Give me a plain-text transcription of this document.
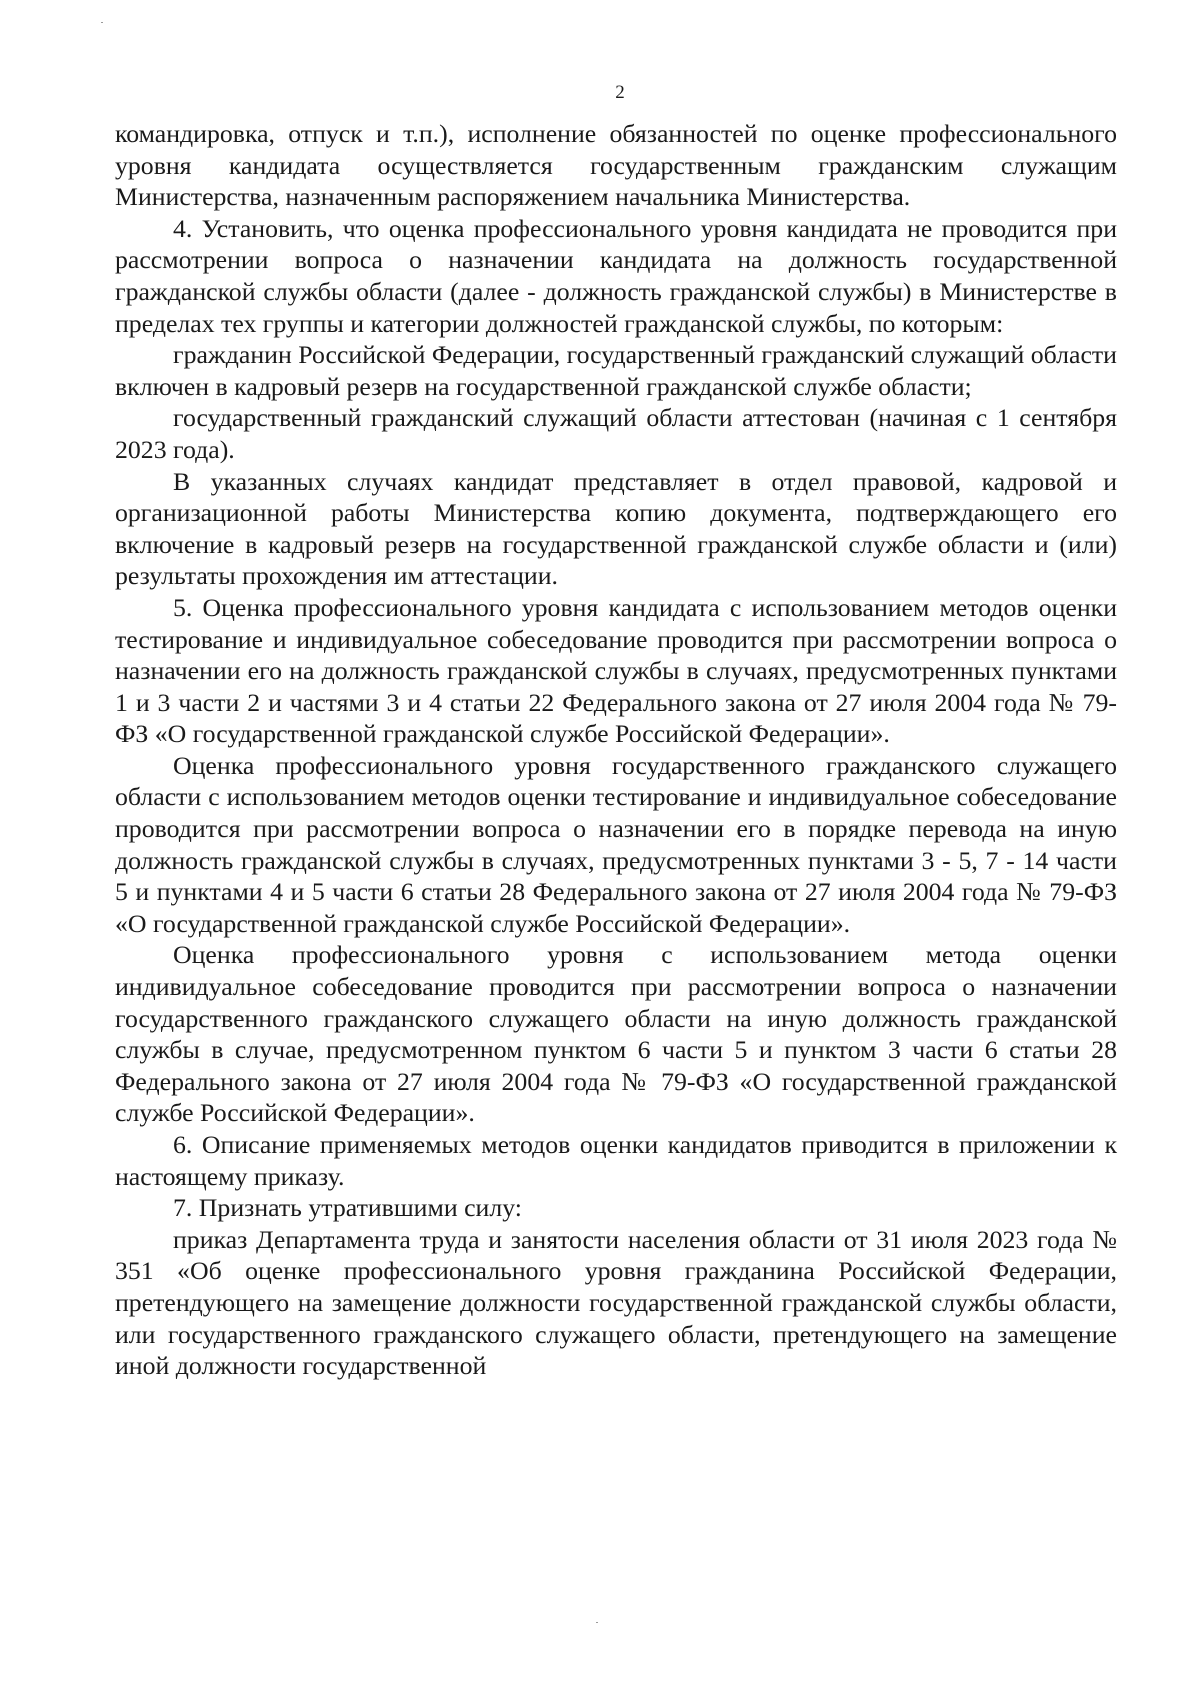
2

командировка, отпуск и т.п.), исполнение обязанностей по оценке профессионального уровня кандидата осуществляется государственным гражданским служащим Министерства, назначенным распоряжением начальника Министерства.

4. Установить, что оценка профессионального уровня кандидата не проводится при рассмотрении вопроса о назначении кандидата на должность государственной гражданской службы области (далее - должность гражданской службы) в Министерстве в пределах тех группы и категории должностей гражданской службы, по которым:

гражданин Российской Федерации, государственный гражданский служащий области включен в кадровый резерв на государственной гражданской службе области;

государственный гражданский служащий области аттестован (начиная с 1 сентября 2023 года).

В указанных случаях кандидат представляет в отдел правовой, кадровой и организационной работы Министерства копию документа, подтверждающего его включение в кадровый резерв на государственной гражданской службе области и (или) результаты прохождения им аттестации.

5. Оценка профессионального уровня кандидата с использованием методов оценки тестирование и индивидуальное собеседование проводится при рассмотрении вопроса о назначении его на должность гражданской службы в случаях, предусмотренных пунктами 1 и 3 части 2 и частями 3 и 4 статьи 22 Федерального закона от 27 июля 2004 года № 79-ФЗ «О государственной гражданской службе Российской Федерации».

Оценка профессионального уровня государственного гражданского служащего области с использованием методов оценки тестирование и индивидуальное собеседование проводится при рассмотрении вопроса о назначении его в порядке перевода на иную должность гражданской службы в случаях, предусмотренных пунктами 3 - 5, 7 - 14 части 5 и пунктами 4 и 5 части 6 статьи 28 Федерального закона от 27 июля 2004 года № 79-ФЗ «О государственной гражданской службе Российской Федерации».

Оценка профессионального уровня с использованием метода оценки индивидуальное собеседование проводится при рассмотрении вопроса о назначении государственного гражданского служащего области на иную должность гражданской службы в случае, предусмотренном пунктом 6 части 5 и пунктом 3 части 6 статьи 28 Федерального закона от 27 июля 2004 года № 79-ФЗ «О государственной гражданской службе Российской Федерации».

6. Описание применяемых методов оценки кандидатов приводится в приложении к настоящему приказу.

7. Признать утратившими силу:

приказ Департамента труда и занятости населения области от 31 июля 2023 года № 351 «Об оценке профессионального уровня гражданина Российской Федерации, претендующего на замещение должности государственной гражданской службы области, или государственного гражданского служащего области, претендующего на замещение иной должности государственной
